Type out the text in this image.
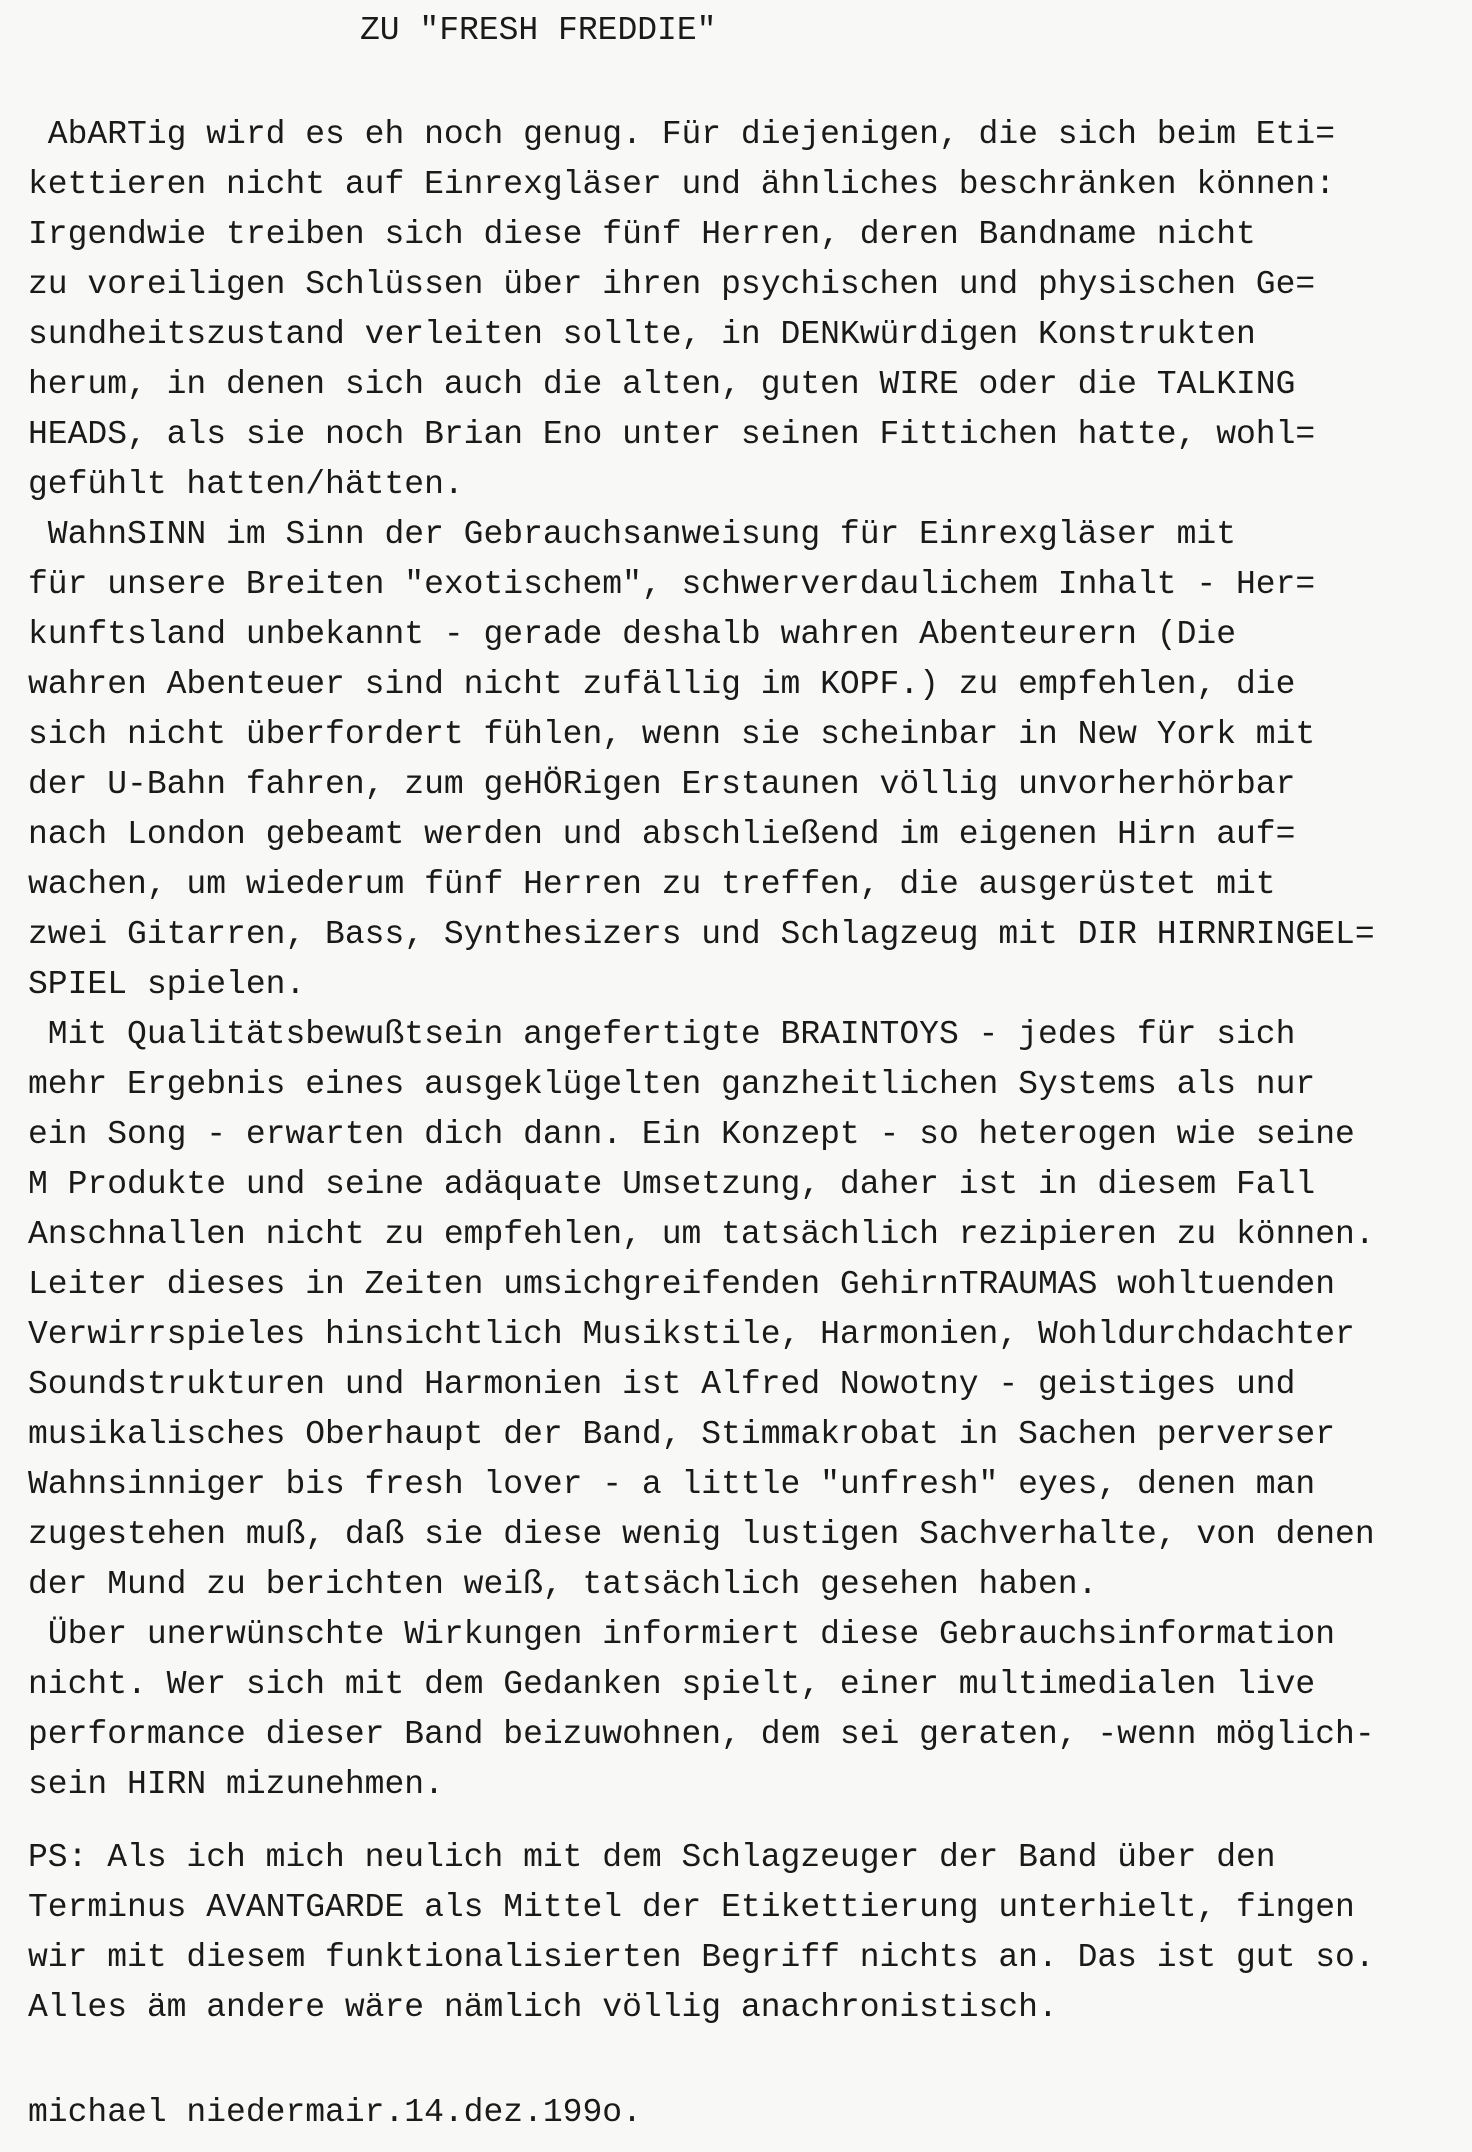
ZU "FRESH FREDDIE"
AbARTig wird es eh noch genug. Für diejenigen, die sich beim Eti=
kettieren nicht auf Einrexgläser und ähnliches beschränken können:
Irgendwie treiben sich diese fünf Herren, deren Bandname nicht
zu voreiligen Schlüssen über ihren psychischen und physischen Ge=
sundheitszustand verleiten sollte, in DENKwürdigen Konstrukten
herum, in denen sich auch die alten, guten WIRE oder die TALKING
HEADS, als sie noch Brian Eno unter seinen Fittichen hatte, wohl=
gefühlt hatten/hätten.
WahnSINN im Sinn der Gebrauchsanweisung für Einrexgläser mit
für unsere Breiten "exotischem", schwerverdaulichem Inhalt - Her=
kunftsland unbekannt - gerade deshalb wahren Abenteurern (Die
wahren Abenteuer sind nicht zufällig im KOPF.) zu empfehlen, die
sich nicht überfordert fühlen, wenn sie scheinbar in New York mit
der U-Bahn fahren, zum geHÖRigen Erstaunen völlig unvorherhörbar
nach London gebeamt werden und abschließend im eigenen Hirn auf=
wachen, um wiederum fünf Herren zu treffen, die ausgerüstet mit
zwei Gitarren, Bass, Synthesizers und Schlagzeug mit DIR HIRNRINGEL=
SPIEL spielen.
Mit Qualitätsbewußtsein angefertigte BRAINTOYS - jedes für sich
mehr Ergebnis eines ausgeklügelten ganzheitlichen Systems als nur
ein Song - erwarten dich dann. Ein Konzept - so heterogen wie seine
M Produkte und seine adäquate Umsetzung, daher ist in diesem Fall
Anschnallen nicht zu empfehlen, um tatsächlich rezipieren zu können.
Leiter dieses in Zeiten umsichgreifenden GehirnTRAUMAS wohltuenden
Verwirrspieles hinsichtlich Musikstile, Harmonien, Wohldurchdachter
Soundstrukturen und Harmonien ist Alfred Nowotny - geistiges und
musikalisches Oberhaupt der Band, Stimmakrobat in Sachen perverser
Wahnsinniger bis fresh lover - a little "unfresh" eyes, denen man
zugestehen muß, daß sie diese wenig lustigen Sachverhalte, von denen
der Mund zu berichten weiß, tatsächlich gesehen haben.
Über unerwünschte Wirkungen informiert diese Gebrauchsinformation
nicht. Wer sich mit dem Gedanken spielt, einer multimedialen live
performance dieser Band beizuwohnen, dem sei geraten, -wenn möglich-
sein HIRN mizunehmen.
PS: Als ich mich neulich mit dem Schlagzeuger der Band über den
Terminus AVANTGARDE als Mittel der Etikettierung unterhielt, fingen
wir mit diesem funktionalisierten Begriff nichts an. Das ist gut so.
Alles äm andere wäre nämlich völlig anachronistisch.
michael niedermair.14.dez.199o.
